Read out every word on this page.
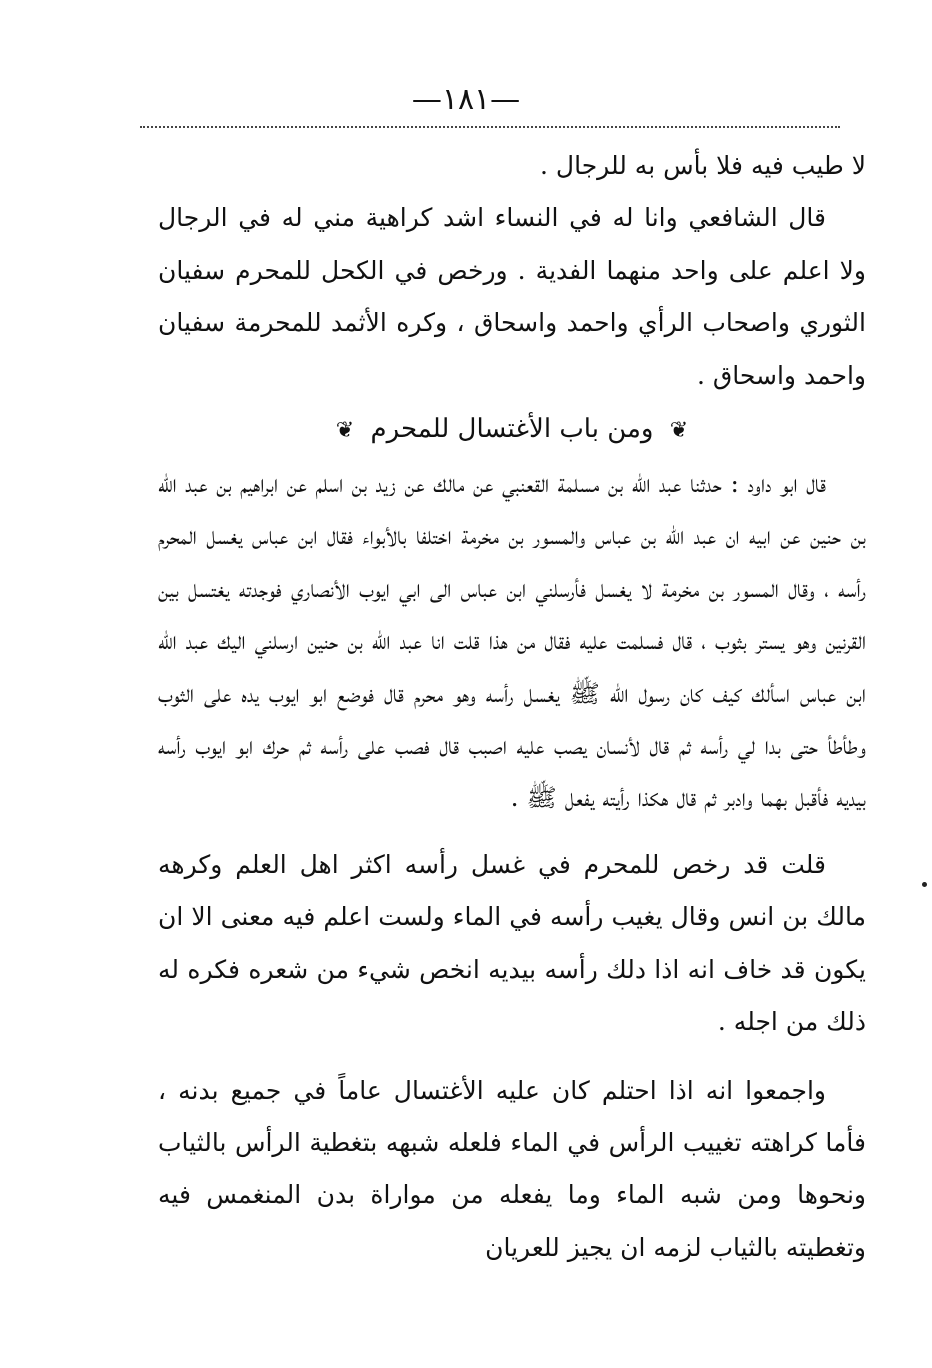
—١٨١—

لا طيب فيه فلا بأس به للرجال .

قال الشافعي وانا له في النساء اشد كراهية مني له في الرجال ولا اعلم على واحد منهما الفدية . ورخص في الكحل للمحرم سفيان الثوري واصحاب الرأي واحمد واسحاق ، وكره الأثمد للمحرمة سفيان واحمد واسحاق .

❦ ومن باب الأغتسال للمحرم ❦

قال ابو داود : حدثنا عبد الله بن مسلمة القعنبي عن مالك عن زيد بن اسلم عن ابراهيم بن عبد الله بن حنين عن ابيه ان عبد الله بن عباس والمسور بن مخرمة اختلفا بالأبواء فقال ابن عباس يغسل المحرم رأسه ، وقال المسور بن مخرمة لا يغسل فأرسلني ابن عباس الى ابي ايوب الأنصاري فوجدته يغتسل بين القرنين وهو يستر بثوب ، قال فسلمت عليه فقال من هذا قلت انا عبد الله بن حنين ارسلني اليك عبد الله ابن عباس اسألك كيف كان رسول الله ﷺ يغسل رأسه وهو محرم قال فوضع ابو ايوب يده على الثوب وطأطأ حتى بدا لي رأسه ثم قال لأنسان يصب عليه اصبب قال فصب على رأسه ثم حرك ابو ايوب رأسه بيديه فأقبل بهما وادبر ثم قال هكذا رأيته يفعل ﷺ .

قلت قد رخص للمحرم في غسل رأسه اكثر اهل العلم وكرهه مالك بن انس وقال يغيب رأسه في الماء ولست اعلم فيه معنى الا ان يكون قد خاف انه اذا دلك رأسه بيديه انخص شيء من شعره فكره له ذلك من اجله .

واجمعوا انه اذا احتلم كان عليه الأغتسال عاماً في جميع بدنه ، فأما كراهته تغييب الرأس في الماء فلعله شبهه بتغطية الرأس بالثياب ونحوها ومن شبه الماء وما يفعله من مواراة بدن المنغمس فيه وتغطيته بالثياب لزمه ان يجيز للعريان
